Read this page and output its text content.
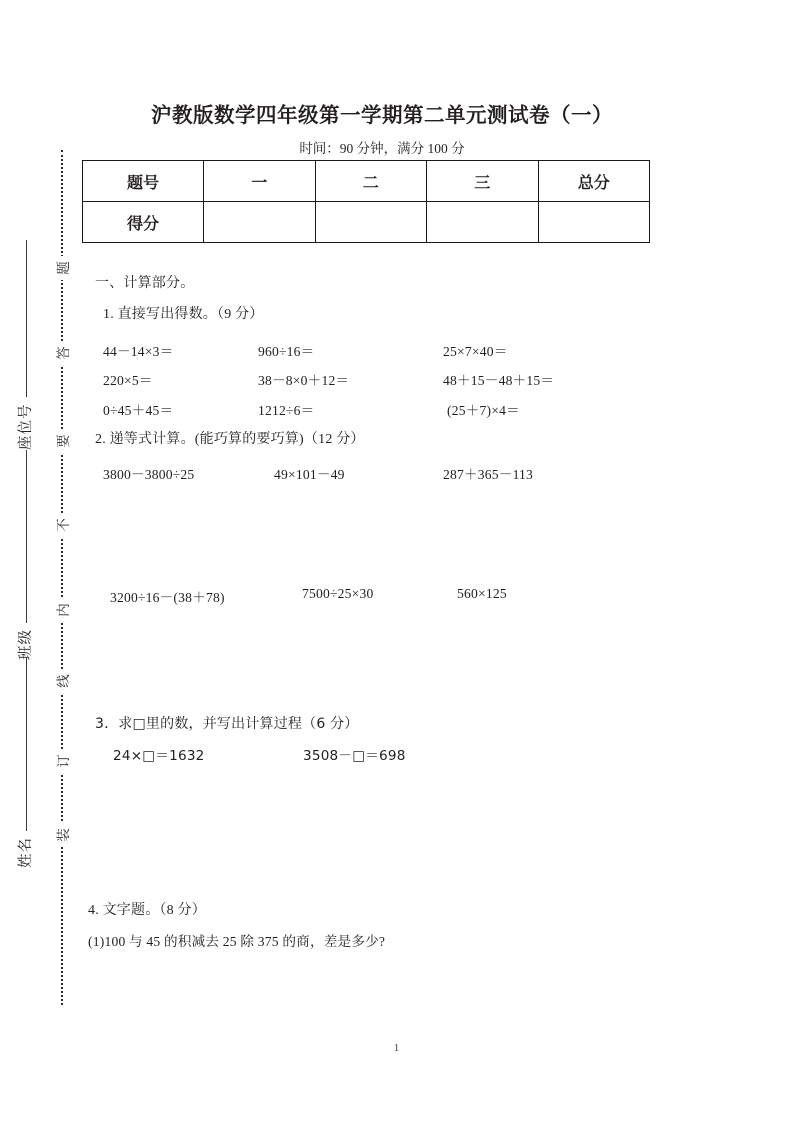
座位号
班级
姓名
题
答
要
不
内
线
订
装
沪教版数学四年级第一学期第二单元测试卷（一）
时间：90 分钟，满分 100 分
题号	一	二	三	总分
得分				
一、计算部分。
1. 直接写出得数。（9 分）
44－14×3＝	960÷16＝	25×7×40＝
220×5＝	38－8×0＋12＝	48＋15－48＋15＝
0÷45＋45＝	1212÷6＝	(25＋7)×4＝
2. 递等式计算。(能巧算的要巧算)（12 分）
3800－3800÷25	49×101－49	287＋365－113
3200÷16－(38＋78)	7500÷25×30	560×125
3．求□里的数，并写出计算过程（6 分）
24×□＝1632	3508－□＝698
4. 文字题。（8 分）
(1)100 与 45 的积减去 25 除 375 的商，差是多少?
1
